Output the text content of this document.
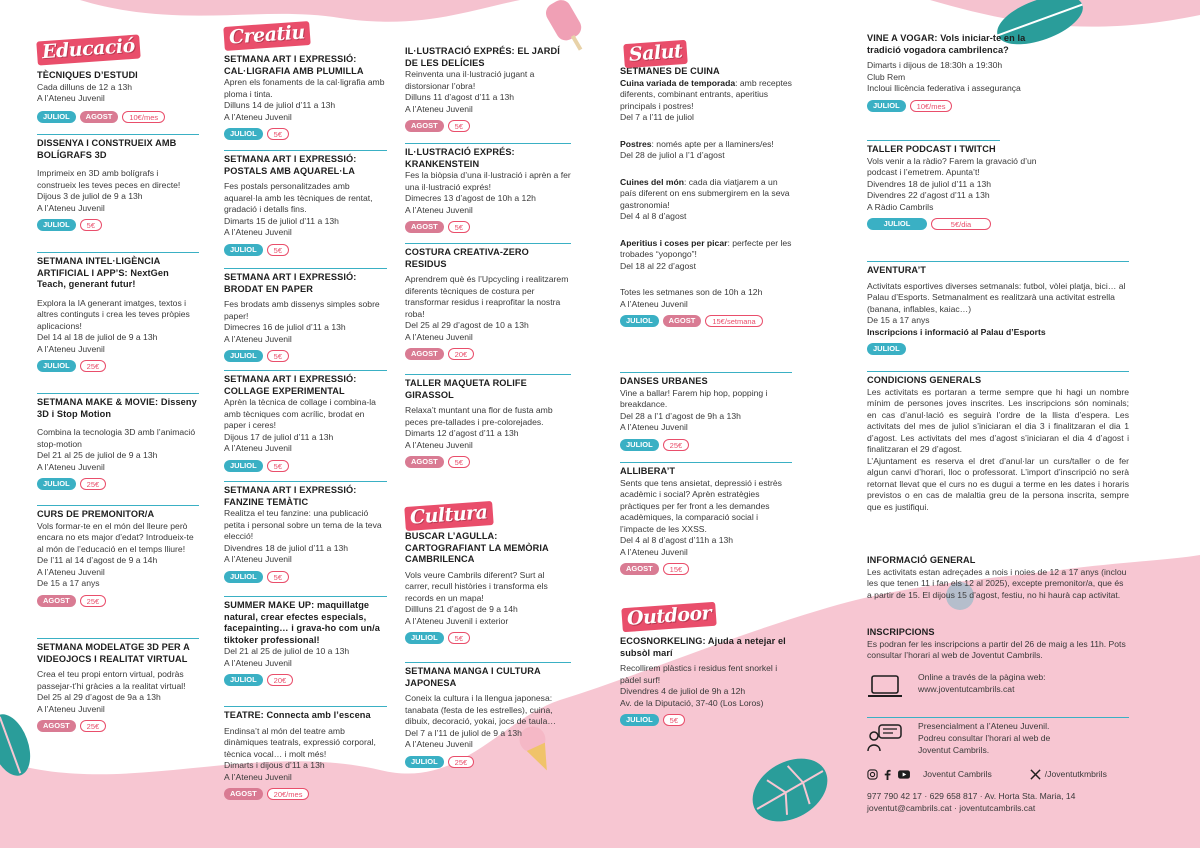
Educació
TÈCNIQUES D’ESTUDI
Cada dilluns de 12 a 13h
A l’Ateneu Juvenil
JULIOL	AGOST	10€/mes
DISSENYA I CONSTRUEIX AMB BOLÍGRAFS 3D
Imprimeix en 3D amb bolígrafs i construeix les teves peces en directe!
Dijous 3 de juliol de 9 a 13h
A l’Ateneu Juvenil
JULIOL	5€
SETMANA INTEL·LIGÈNCIA ARTIFICIAL I APP’S: NextGen Teach, generant futur!
Explora la IA generant imatges, textos i altres continguts i crea les teves pròpies aplicacions!
Del 14 al 18 de juliol de 9 a 13h
A l’Ateneu Juvenil
JULIOL	25€
SETMANA MAKE & MOVIE: Disseny 3D i Stop Motion
Combina la tecnologia 3D amb l’animació stop-motion
Del 21 al 25 de juliol de 9 a 13h
A l’Ateneu Juvenil
JULIOL	25€
CURS DE PREMONITOR/A
Vols formar-te en el món del lleure però encara no ets major d’edat? Introdueix-te al món de l’educació en el temps lliure!
De l’11 al 14 d’agost de 9 a 14h
A l’Ateneu Juvenil
De 15 a 17 anys
AGOST	25€
SETMANA MODELATGE 3D PER A VIDEOJOCS I REALITAT VIRTUAL
Crea el teu propi entorn virtual, podràs passejar-t’hi gràcies a la realitat virtual!
Del 25 al 29 d’agost de 9a a 13h
A l’Ateneu Juvenil
AGOST	25€
Creatiu
SETMANA ART I EXPRESSIÓ: CAL·LIGRAFIA AMB PLUMILLA
Apren els fonaments de la cal·ligrafia amb ploma i tinta.
Dilluns 14 de juliol d’11 a 13h
A l’Ateneu Juvenil
JULIOL	5€
SETMANA ART I EXPRESSIÓ: POSTALS AMB AQUAREL·LA
Fes postals personalitzades amb aquarel·la amb les tècniques de rentat, gradació i detalls fins.
Dimarts 15 de juliol d’11 a 13h
A l’Ateneu Juvenil
JULIOL	5€
SETMANA ART I EXPRESSIÓ: BRODAT EN PAPER
Fes brodats amb dissenys simples sobre paper!
Dimecres 16 de juliol d’11 a 13h
A l’Ateneu Juvenil
JULIOL	5€
SETMANA ART I EXPRESSIÓ: COLLAGE EXPERIMENTAL
Aprèn la tècnica de collage i combina-la amb tècniques com acrílic, brodat en paper i ceres!
Dijous 17 de juliol d’11 a 13h
A l’Ateneu Juvenil
JULIOL	5€
SETMANA ART I EXPRESSIÓ: FANZINE TEMÀTIC
Realitza el teu fanzine: una publicació petita i personal sobre un tema de la teva elecció!
Divendres 18 de juliol d’11 a 13h
A l’Ateneu Juvenil
JULIOL	5€
SUMMER MAKE UP: maquillatge natural, crear efectes especials, facepainting… i grava-ho com un/a tiktoker professional!
Del 21 al 25 de juliol de 10 a 13h
A l’Ateneu Juvenil
JULIOL	20€
TEATRE: Connecta amb l’escena
Endinsa’t al món del teatre amb dinàmiques teatrals, expressió corporal, tècnica vocal… i molt més!
Dimarts i dijous d’11 a 13h
A l’Ateneu Juvenil
AGOST	20€/mes
IL·LUSTRACIÓ EXPRÉS: EL JARDÍ DE LES DELÍCIES
Reinventa una il·lustració jugant a distorsionar l’obra!
Dilluns 11 d’agost d’11 a 13h
A l’Ateneu Juvenil
AGOST	5€
IL·LUSTRACIÓ EXPRÉS: KRANKENSTEIN
Fes la biòpsia d’una il·lustració i aprèn a fer una il·lustració exprés!
Dimecres 13 d’agost de 10h a 12h
A l’Ateneu Juvenil
AGOST	5€
COSTURA CREATIVA-ZERO RESIDUS
Aprendrem què és l’Upcycling i realitzarem diferents tècniques de costura per transformar residus i reaprofitar la nostra roba!
Del 25 al 29 d’agost de 10 a 13h
A l’Ateneu Juvenil
AGOST	20€
TALLER MAQUETA ROLIFE GIRASSOL
Relaxa’t muntant una flor de fusta amb peces pre-tallades i pre-colorejades.
Dimarts 12 d’agost d’11 a 13h
A l’Ateneu Juvenil
AGOST	5€
Cultura
BUSCAR L’AGULLA: CARTOGRAFIANT LA MEMÒRIA CAMBRILENCA
Vols veure Cambrils diferent? Surt al carrer, recull històries i transforma els records en un mapa!
Dillluns 21 d’agost de 9 a 14h
A l’Ateneu Juvenil i exterior
JULIOL	5€
SETMANA MANGA I CULTURA JAPONESA
Coneix la cultura i la llengua japonesa: tanabata (festa de les estrelles), cuina, dibuix, decoració, yokai, jocs de taula…
Del 7 a l’11 de juliol de 9 a 13h
A l’Ateneu Juvenil
JULIOL	25€
Salut
SETMANES DE CUINA
Cuina variada de temporada: amb receptes diferents, combinant entrants, aperitius principals i postres!
Del 7 a l’11 de juliol
Postres: només apte per a llaminers/es!
Del 28 de juliol a l’1 d’agost
Cuines del món: cada dia viatjarem a un país diferent on ens submergirem en la seva gastronomia!
Del 4 al 8 d’agost
Aperitius i coses per picar: perfecte per les trobades “yopongo”!
Del 18 al 22 d’agost
Totes les setmanes son de 10h a 12h
A l’Ateneu Juvenil
JULIOL	AGOST	15€/setmana
DANSES URBANES
Vine a ballar! Farem hip hop, popping i breakdance.
Del 28 a l’1 d’agost de 9h a 13h
A l’Ateneu Juvenil
JULIOL	25€
ALLIBERA’T
Sents que tens ansietat, depressió i estrès acadèmic i social? Aprèn estratègies pràctiques per fer front a les demandes acadèmiques, la comparació social i l’impacte de les XXSS.
Del 4 al 8 d’agost d’11h a 13h
A l’Ateneu Juvenil
AGOST	15€
Outdoor
ECOSNORKELING: Ajuda a netejar el subsòl marí
Recollirem plàstics i residus fent snorkel i pàdel surf!
Divendres 4 de juliol de 9h a 12h
Av. de la Diputació, 37-40 (Los Loros)
JULIOL	5€
VINE A VOGAR: Vols iniciar-te en la tradició vogadora cambrilenca?
Dimarts i dijous de 18:30h a 19:30h
Club Rem
Incloui llicència federativa i assegurança
JULIOL	10€/mes
TALLER PODCAST I TWITCH
Vols venir a la ràdio? Farem la gravació d’un podcast i l’emetrem. Apunta’t!
Divendres 18 de juliol d’11 a 13h
Divendres 22 d’agost d’11 a 13h
A Ràdio Cambrils
JULIOL	5€/dia
AVENTURA’T
Activitats esportives diverses setmanals: futbol, vòlei platja, bici… al Palau d’Esports. Setmanalment es realitzarà una activitat estrella (banana, inflables, kaiac…)
De 15 a 17 anys
Inscripcions i informació al Palau d’Esports
JULIOL
CONDICIONS GENERALS
Les activitats es portaran a terme sempre que hi hagi un nombre mínim de persones joves inscrites. Les inscripcions són nominals; en cas d’anul·lació es seguirà l’ordre de la llista d’espera. Les activitats del mes de juliol s’iniciaran el dia 3 i finalitzaran el dia 1 d’agost. Les activitats del mes d’agost s’iniciaran el dia 4 d’agost i finalitzaran el 29 d’agost.
L’Ajuntament es reserva el dret d’anul·lar un curs/taller o de fer algun canvi d’horari, lloc o professorat. L’import d’inscripció no serà retornat llevat que el curs no es dugui a terme en les dates i horaris previstos o en cas de malaltia greu de la persona inscrita, sempre que es justifiqui.
INFORMACIÓ GENERAL
Les activitats estan adreçades a nois i noies de 12 a 17 anys (inclou les que tenen 11 i fan els 12 al 2025), excepte premonitor/a, que és a partir de 15. El dijous 15 d’agost, festiu, no hi haurà cap activitat.
INSCRIPCIONS
Es podran fer les inscripcions a partir del 26 de maig a les 11h. Pots consultar l’horari al web de Joventut Cambrils.
Online a través de la pàgina web:
www.joventutcambrils.cat
Presencialment a l’Ateneu Juvenil.
Podreu consultar l’horari al web de
Joventut Cambrils.
Joventut Cambrils	/Joventutkmbrils
977 790 42 17 · 629 658 817 · Av. Horta Sta. Maria, 14
joventut@cambrils.cat · joventutcambrils.cat
